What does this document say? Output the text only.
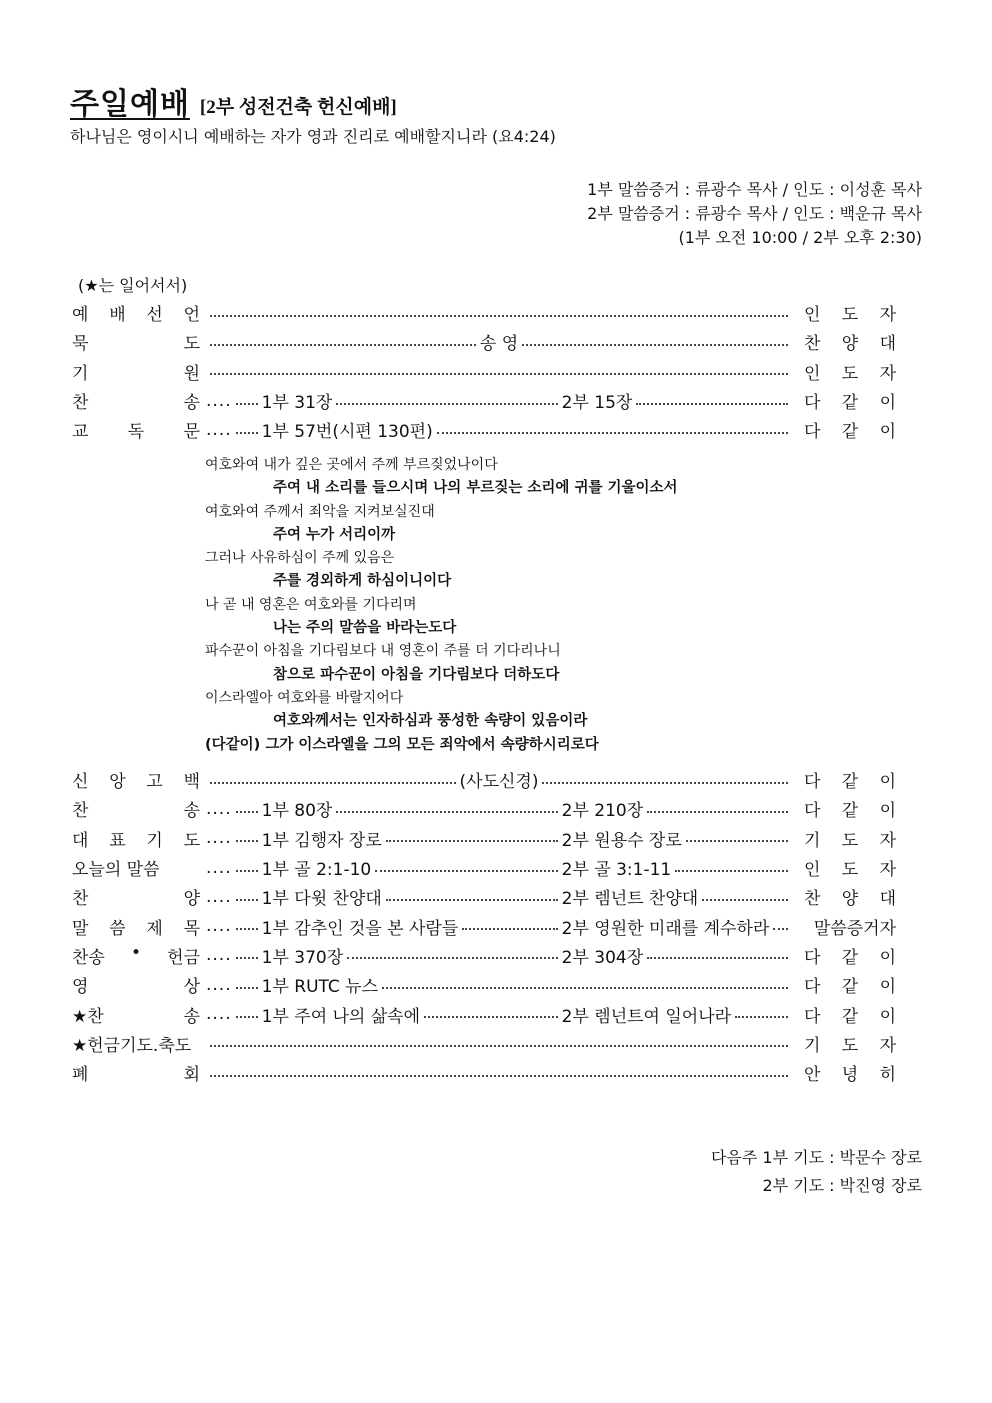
주일예배 [2부 성전건축 헌신예배]
하나님은 영이시니 예배하는 자가 영과 진리로 예배할지니라 (요4:24)
1부 말씀증거 : 류광수 목사 / 인도 : 이성훈 목사
2부 말씀증거 : 류광수 목사 / 인도 : 백운규 목사
(1부 오전 10:00 / 2부 오후 2:30)
(★는 일어서서)
예 배 선 언	인 도 자
묵	도	송 영	찬 양 대
기	원	인 도 자
찬	송 .... 1부 31장	2부 15장	다 같 이
교 독 문 .... 1부 57번(시편 130편)	다 같 이
여호와여 내가 깊은 곳에서 주께 부르짖었나이다
주여 내 소리를 들으시며 나의 부르짖는 소리에 귀를 기울이소서
여호와여 주께서 죄악을 지켜보실진대
주여 누가 서리이까
그러나 사유하심이 주께 있음은
주를 경외하게 하심이니이다
나 곧 내 영혼은 여호와를 기다리며
나는 주의 말씀을 바라는도다
파수꾼이 아침을 기다림보다 내 영혼이 주를 더 기다리나니
참으로 파수꾼이 아침을 기다림보다 더하도다
이스라엘아 여호와를 바랄지어다
여호와께서는 인자하심과 풍성한 속량이 있음이라
(다같이) 그가 이스라엘을 그의 모든 죄악에서 속량하시리로다
신 앙 고 백	(사도신경)	다 같 이
찬	송 .... 1부 80장	2부 210장	다 같 이
대 표 기 도 .... 1부 김행자 장로	2부 원용수 장로	기 도 자
오늘의 말씀	.... 1부 골 2:1-10	2부 골 3:1-11	인 도 자
찬	양 .... 1부 다윗 찬양대	2부 렘넌트 찬양대	찬 양 대
말 씀 제 목 .... 1부 감추인 것을 본 사람들	2부 영원한 미래를 계수하라	말씀증거자
찬송 • 헌금 .... 1부 370장	2부 304장	다 같 이
영	상 .... 1부 RUTC 뉴스	다 같 이
★찬	송 .... 1부 주여 나의 삶속에	2부 렘넌트여 일어나라	다 같 이
★헌금기도.축도	기 도 자
폐	회	안 녕 히
다음주 1부 기도 : 박문수 장로
2부 기도 : 박진영 장로
